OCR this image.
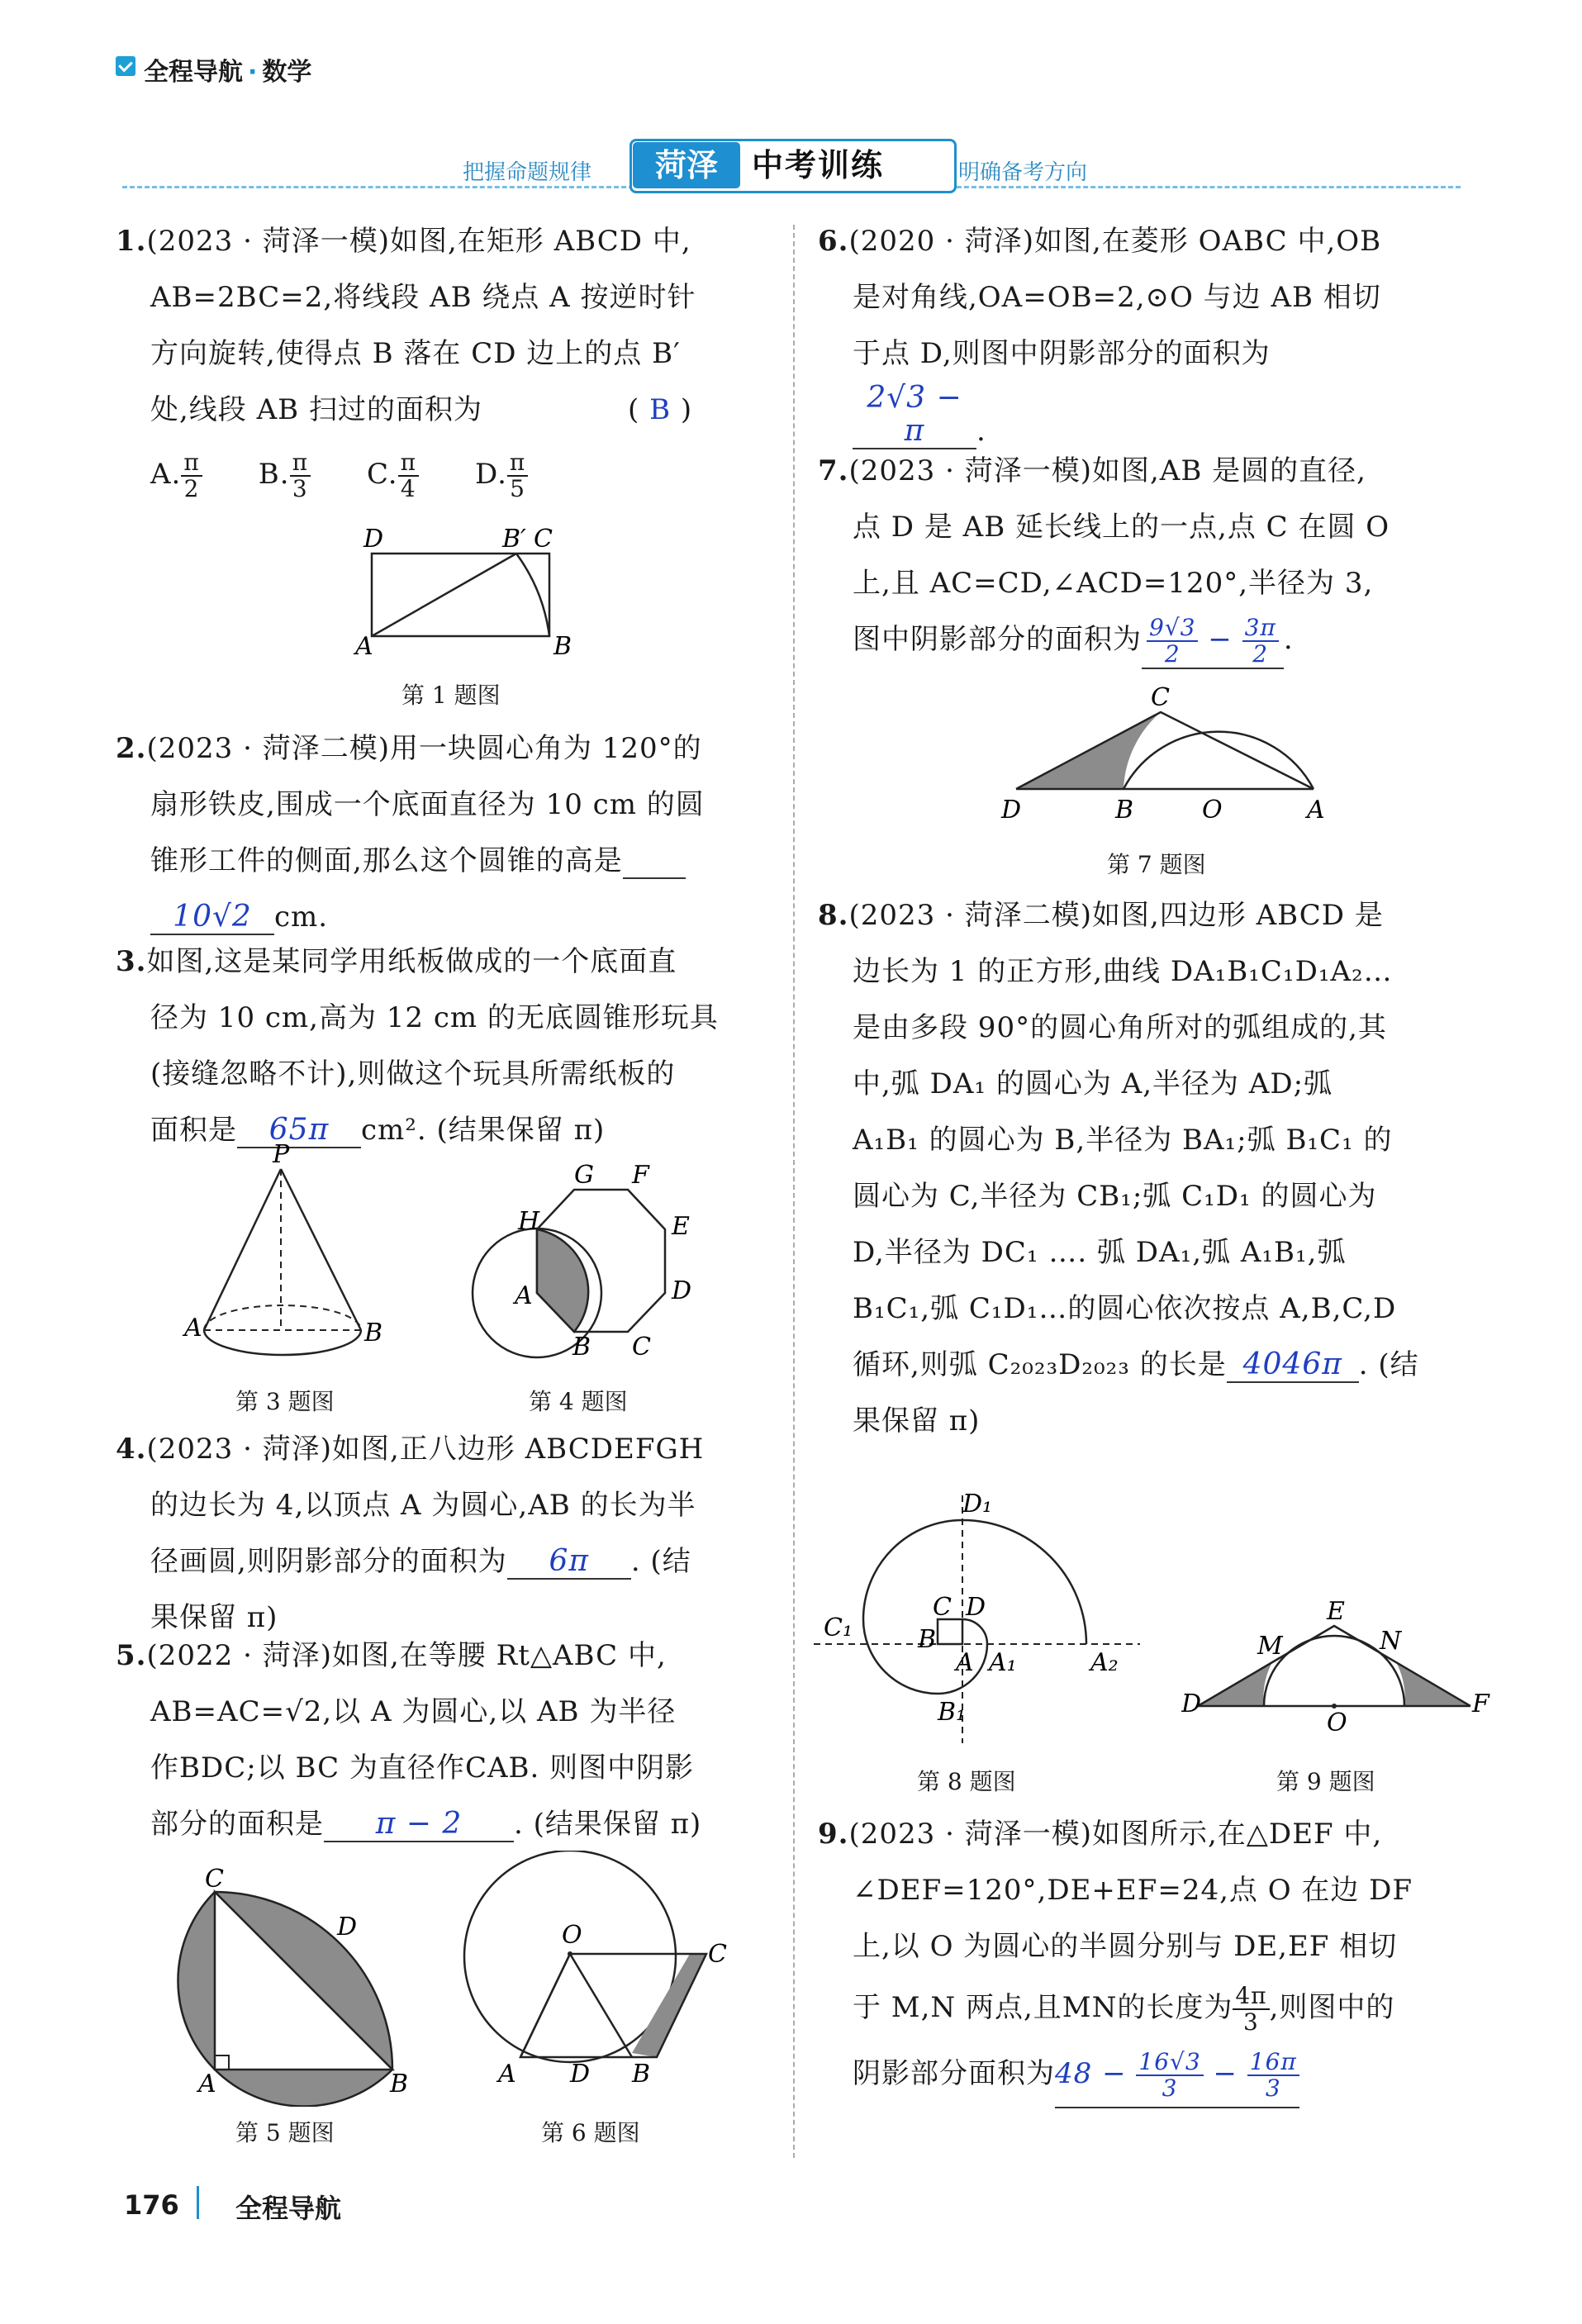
全程导航 · 数学
把握命题规律	菏泽	中考训练	明确备考方向
1.(2023 · 菏泽一模)如图,在矩形 ABCD 中,
AB=2BC=2,将线段 AB 绕点 A 按逆时针
方向旋转,使得点 B 落在 CD 边上的点 B′
处,线段 AB 扫过的面积为	( B )
A. $\frac{\pi}{2} B$. $\frac{\pi}{3} C$. $\frac{\pi}{4} D$. $\frac{\pi}{5}$
D	B′ C
A	B
第 1 题图
2.(2023 · 菏泽二模)用一块圆心角为 120°的
扇形铁皮,围成一个底面直径为 10 cm 的圆
锥形工件的侧面,那么这个圆锥的高是
10√2 cm.
3.如图,这是某同学用纸板做成的一个底面直
径为 10 cm,高为 12 cm 的无底圆锥形玩具
(接缝忽略不计),则做这个玩具所需纸板的
面积是 65π cm². (结果保留 π)
P
A	B
第 3 题图
G F
H	E
A	D
B C
第 4 题图
4.(2023 · 菏泽)如图,正八边形 ABCDEFGH
的边长为 4,以顶点 A 为圆心,AB 的长为半
径画圆,则阴影部分的面积为 6π . (结
果保留 π)
5.(2022 · 菏泽)如图,在等腰 Rt△ABC 中,
AB=AC=√2,以 A 为圆心,以 AB 为半径
作BDC;以 BC 为直径作CAB. 则图中阴影
部分的面积是 π − 2 . (结果保留 π)
C
D
A	B
第 5 题图
O
C
A D B
第 6 题图
6.(2020 · 菏泽)如图,在菱形 OABC 中,OB
是对角线,OA=OB=2,⊙O 与边 AB 相切
于点 D,则图中阴影部分的面积为
2√3 − π .
7.(2023 · 菏泽一模)如图,AB 是圆的直径,
点 D 是 AB 延长线上的一点,点 C 在圆 O
上,且 AC=CD,∠ACD=120°,半径为 3,
图中阴影部分的面积为 $\frac{9√3}{2} - \frac{3\pi}{2}$ .
D	B	O	A
C
第 7 题图
8.(2023 · 菏泽二模)如图,四边形 ABCD 是
边长为 1 的正方形,曲线 DA₁B₁C₁D₁A₂…
是由多段 90°的圆心角所对的弧组成的,其
中,弧 DA₁ 的圆心为 A,半径为 AD;弧
A₁B₁ 的圆心为 B,半径为 BA₁;弧 B₁C₁ 的
圆心为 C,半径为 CB₁;弧 C₁D₁ 的圆心为
D,半径为 DC₁ …. 弧 DA₁,弧 A₁B₁,弧
B₁C₁,弧 C₁D₁…的圆心依次按点 A,B,C,D
循环,则弧 C₂₀₂₃D₂₀₂₃ 的长是 4046π . (结
果保留 π)
D₁
C₁
C D
B
A A₁	A₂
B₁
第 8 题图
E
M	N
D
O
F
第 9 题图
9.(2023 · 菏泽一模)如图所示,在△DEF 中,
∠DEF=120°,DE+EF=24,点 O 在边 DF
上,以 O 为圆心的半圆分别与 DE,EF 相切
于 M,N 两点,且MN的长度为 $\frac{4\pi}{3}$ ,则图中的
阴影部分面积为$48 - \frac{16√3}{3} - \frac{16\pi}{3}$
176 全程导航
